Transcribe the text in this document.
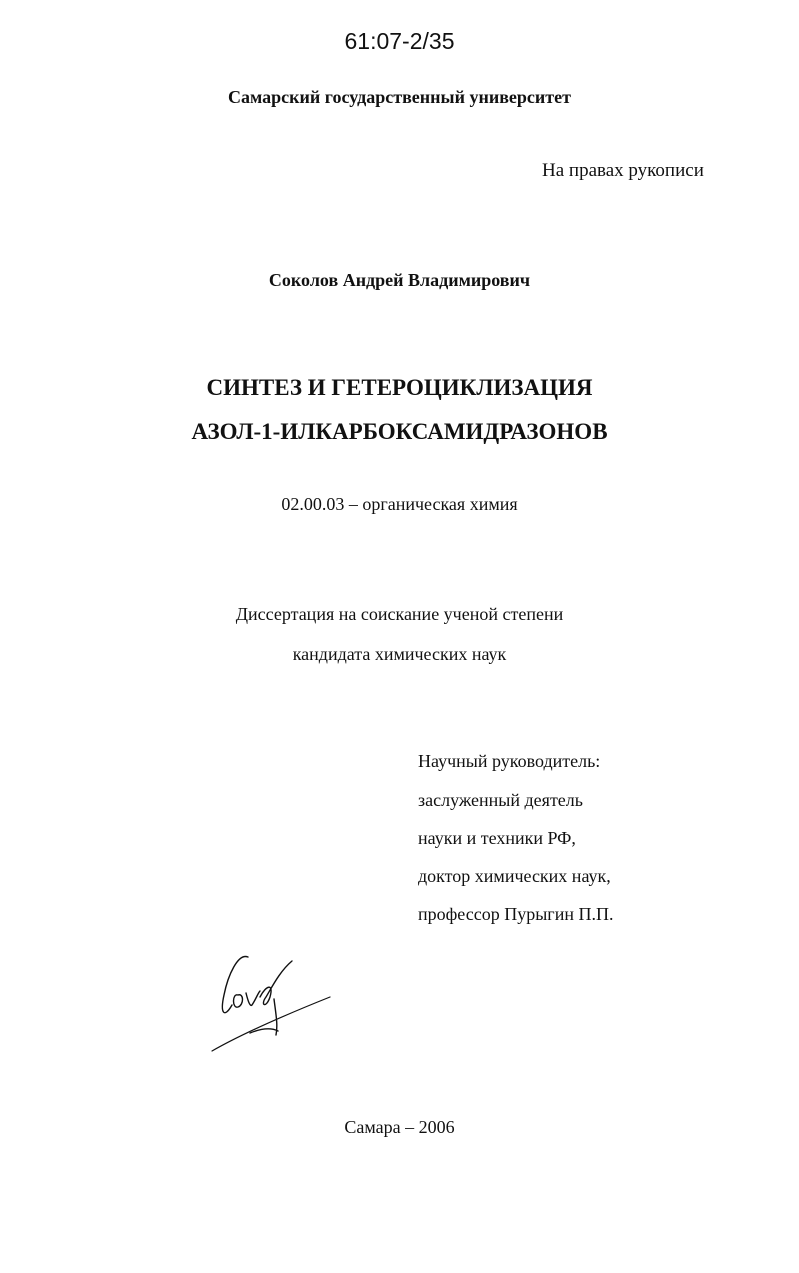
61:07-2/35
Самарский государственный университет
На правах рукописи
Соколов Андрей Владимирович
СИНТЕЗ И ГЕТЕРОЦИКЛИЗАЦИЯ
АЗОЛ-1-ИЛКАРБОКСАМИДРАЗОНОВ
02.00.03 – органическая химия
Диссертация на соискание ученой степени
кандидата химических наук
Научный руководитель:
заслуженный деятель
науки и техники РФ,
доктор химических наук,
профессор Пурыгин П.П.
Самара – 2006
